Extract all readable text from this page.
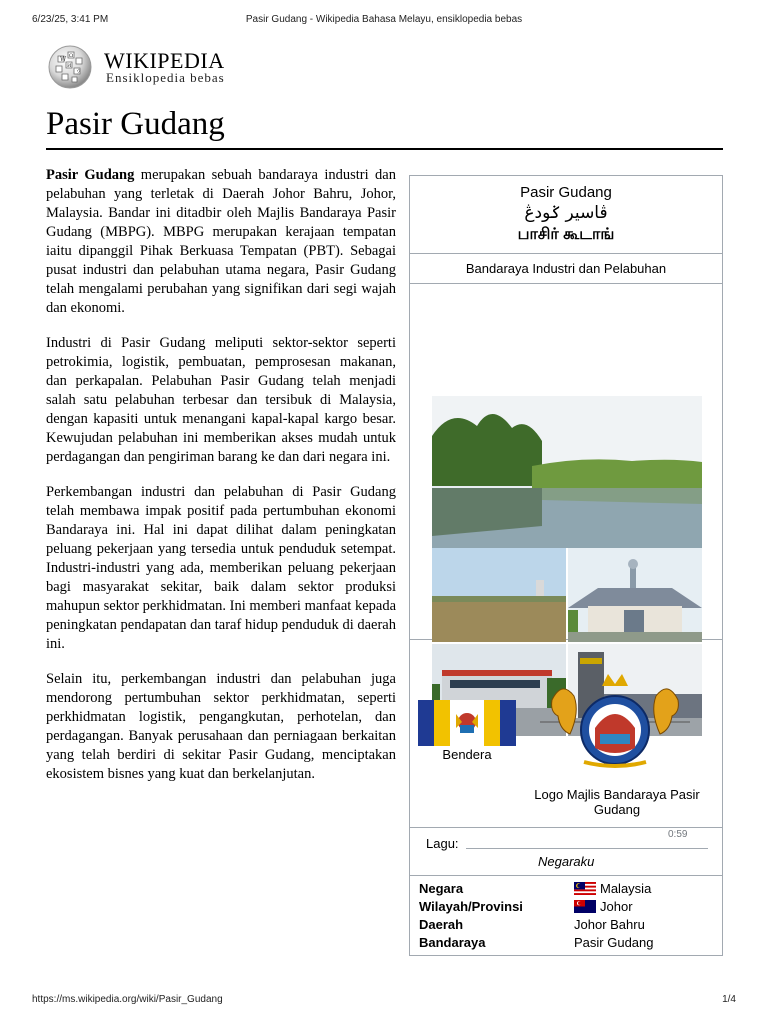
6/23/25, 3:41 PM	Pasir Gudang - Wikipedia Bahasa Melayu, ensiklopedia bebas
W Ω
И
ウ WIKIPEDIA
Ensiklopedia bebas
Pasir Gudang

Pasir Gudang merupakan sebuah bandaraya industri dan pelabuhan yang terletak di Daerah Johor Bahru, Johor, Malaysia. Bandar ini ditadbir oleh Majlis Bandaraya Pasir Gudang (MBPG). MBPG merupakan kerajaan tempatan iaitu dipanggil Pihak Berkuasa Tempatan (PBT). Sebagai pusat industri dan pelabuhan utama negara, Pasir Gudang telah mengalami perubahan yang signifikan dari segi wajah dan ekonomi.

Industri di Pasir Gudang meliputi sektor-sektor seperti petrokimia, logistik, pembuatan, pemprosesan makanan, dan perkapalan. Pelabuhan Pasir Gudang telah menjadi salah satu pelabuhan terbesar dan tersibuk di Malaysia, dengan kapasiti untuk menangani kapal-kapal kargo besar. Kewujudan pelabuhan ini memberikan akses mudah untuk perdagangan dan pengiriman barang ke dan dari negara ini.

Perkembangan industri dan pelabuhan di Pasir Gudang telah membawa impak positif pada pertumbuhan ekonomi Bandaraya ini. Hal ini dapat dilihat dalam peningkatan peluang pekerjaan yang tersedia untuk penduduk setempat. Industri-industri yang ada, memberikan peluang pekerjaan bagi masyarakat sekitar, baik dalam sektor produksi mahupun sektor perkhidmatan. Ini memberi manfaat kepada peningkatan pendapatan dan taraf hidup penduduk di daerah ini.

Selain itu, perkembangan industri dan pelabuhan juga mendorong pertumbuhan sektor perkhidmatan, seperti perkhidmatan logistik, pengangkutan, perhotelan, dan perdagangan. Banyak perusahaan dan perniagaan berkaitan yang telah berdiri di sekitar Pasir Gudang, menciptakan ekosistem bisnes yang kuat dan berkelanjutan.

Pasir Gudang
ڤاسير ݢودڠ
பாசிர் கூடாங்
Bandaraya Industri dan Pelabuhan
Bendera
Logo Majlis Bandaraya Pasir Gudang
Lagu:
0:59
Negaraku
Negara	Malaysia
Wilayah/Provinsi	Johor
Daerah	Johor Bahru
Bandaraya	Pasir Gudang
https://ms.wikipedia.org/wiki/Pasir_Gudang	1/4
